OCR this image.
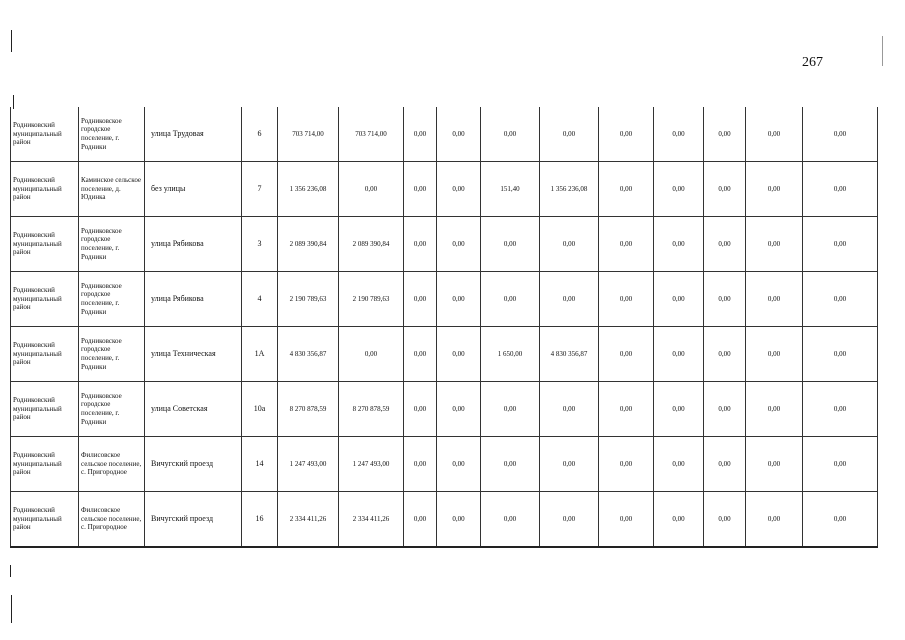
267
Родниковский муниципальный район	Родниковское городское поселение, г. Родники	улица Трудовая	6	703 714,00	703 714,00	0,00	0,00	0,00	0,00	0,00	0,00	0,00	0,00	0,00
Родниковский муниципальный район	Каминское сельское поселение, д. Юдинка	без улицы	7	1 356 236,08	0,00	0,00	0,00	151,40	1 356 236,08	0,00	0,00	0,00	0,00	0,00
Родниковский муниципальный район	Родниковское городское поселение, г. Родники	улица Рябикова	3	2 089 390,84	2 089 390,84	0,00	0,00	0,00	0,00	0,00	0,00	0,00	0,00	0,00
Родниковский муниципальный район	Родниковское городское поселение, г. Родники	улица Рябикова	4	2 190 789,63	2 190 789,63	0,00	0,00	0,00	0,00	0,00	0,00	0,00	0,00	0,00
Родниковский муниципальный район	Родниковское городское поселение, г. Родники	улица Техническая	1А	4 830 356,87	0,00	0,00	0,00	1 650,00	4 830 356,87	0,00	0,00	0,00	0,00	0,00
Родниковский муниципальный район	Родниковское городское поселение, г. Родники	улица Советская	10а	8 270 878,59	8 270 878,59	0,00	0,00	0,00	0,00	0,00	0,00	0,00	0,00	0,00
Родниковский муниципальный район	Филисовское сельское поселение, с. Пригородное	Вичугский проезд	14	1 247 493,00	1 247 493,00	0,00	0,00	0,00	0,00	0,00	0,00	0,00	0,00	0,00
Родниковский муниципальный район	Филисовское сельское поселение, с. Пригородное	Вичугский проезд	16	2 334 411,26	2 334 411,26	0,00	0,00	0,00	0,00	0,00	0,00	0,00	0,00	0,00
